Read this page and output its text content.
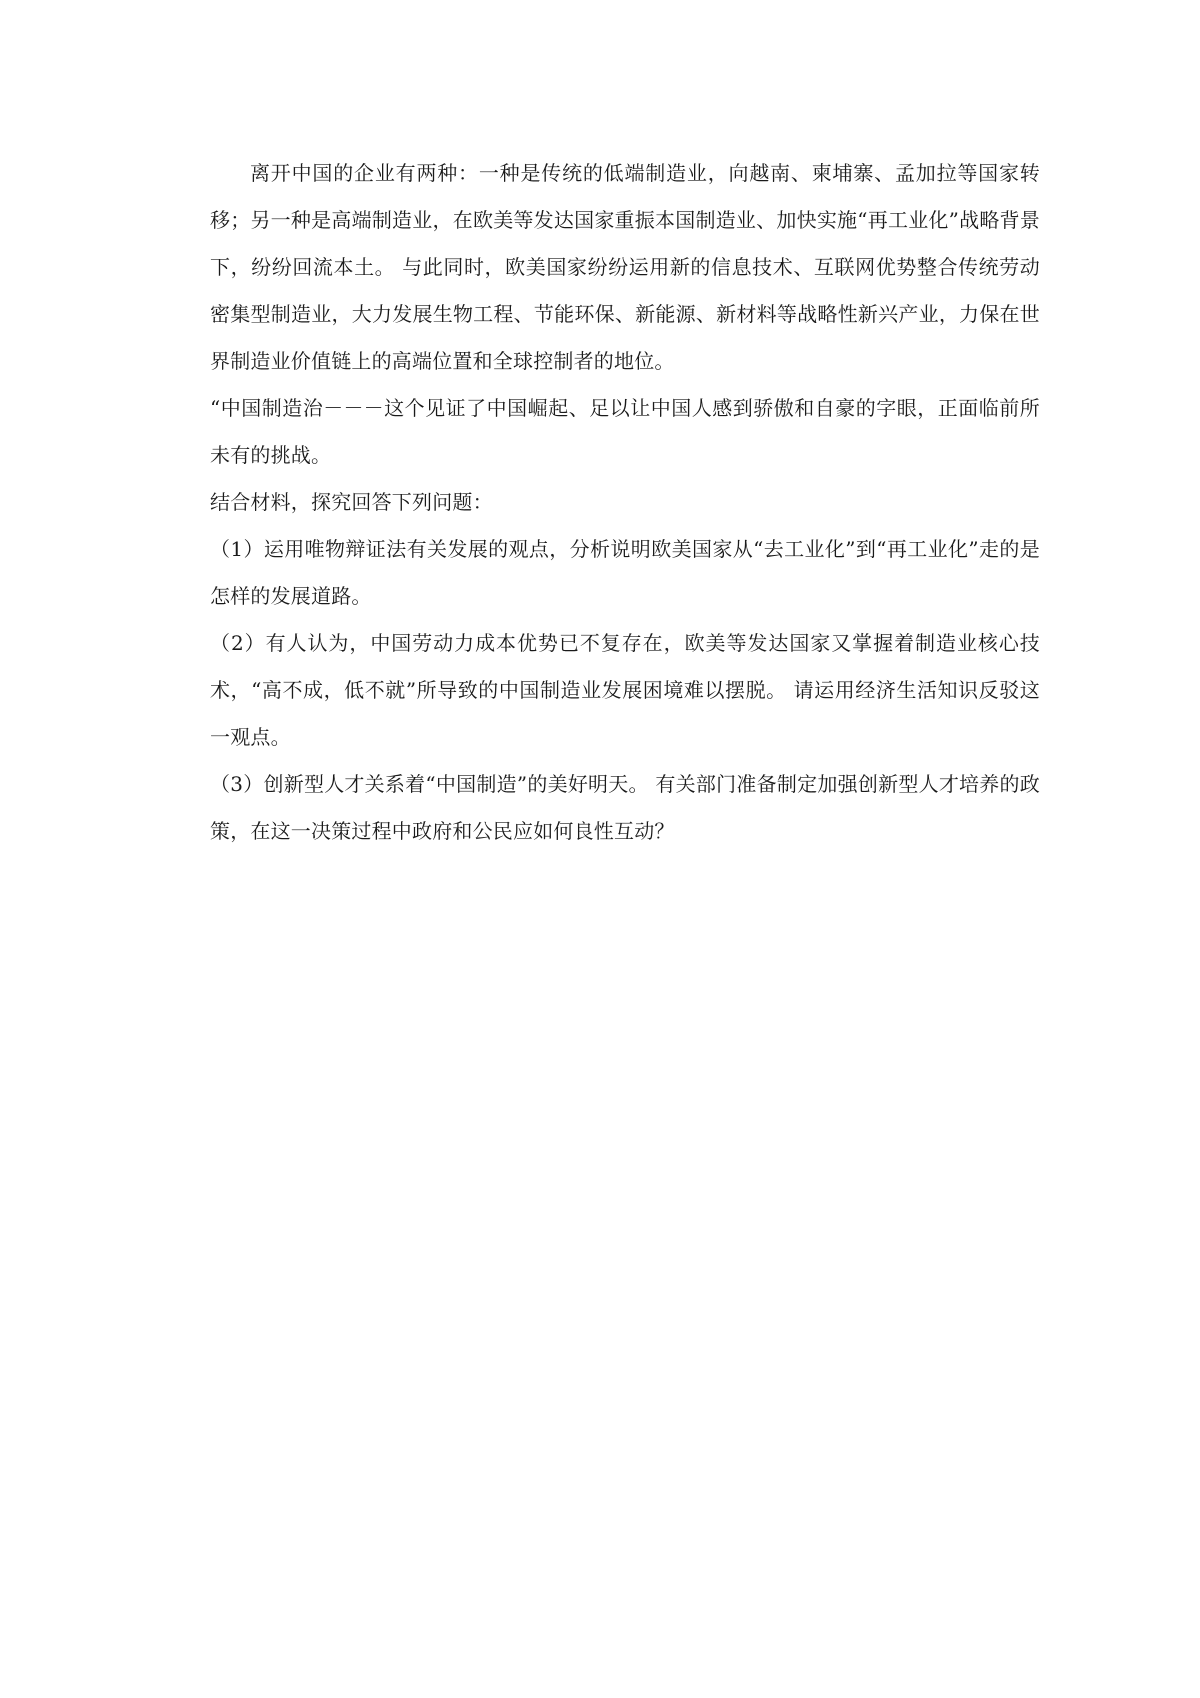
离开中国的企业有两种：一种是传统的低端制造业，向越南、柬埔寨、孟加拉等国家转移；另一种是高端制造业，在欧美等发达国家重振本国制造业、加快实施“再工业化”战略背景下，纷纷回流本土。 与此同时，欧美国家纷纷运用新的信息技术、互联网优势整合传统劳动密集型制造业，大力发展生物工程、节能环保、新能源、新材料等战略性新兴产业，力保在世界制造业价值链上的高端位置和全球控制者的地位。

“中国制造治－－－这个见证了中国崛起、足以让中国人感到骄傲和自豪的字眼，正面临前所未有的挑战。

结合材料，探究回答下列问题：

（1）运用唯物辩证法有关发展的观点，分析说明欧美国家从“去工业化”到“再工业化”走的是怎样的发展道路。

（2）有人认为，中国劳动力成本优势已不复存在，欧美等发达国家又掌握着制造业核心技术，“高不成，低不就”所导致的中国制造业发展困境难以摆脱。 请运用经济生活知识反驳这一观点。

（3）创新型人才关系着“中国制造”的美好明天。 有关部门准备制定加强创新型人才培养的政策，在这一决策过程中政府和公民应如何良性互动？
